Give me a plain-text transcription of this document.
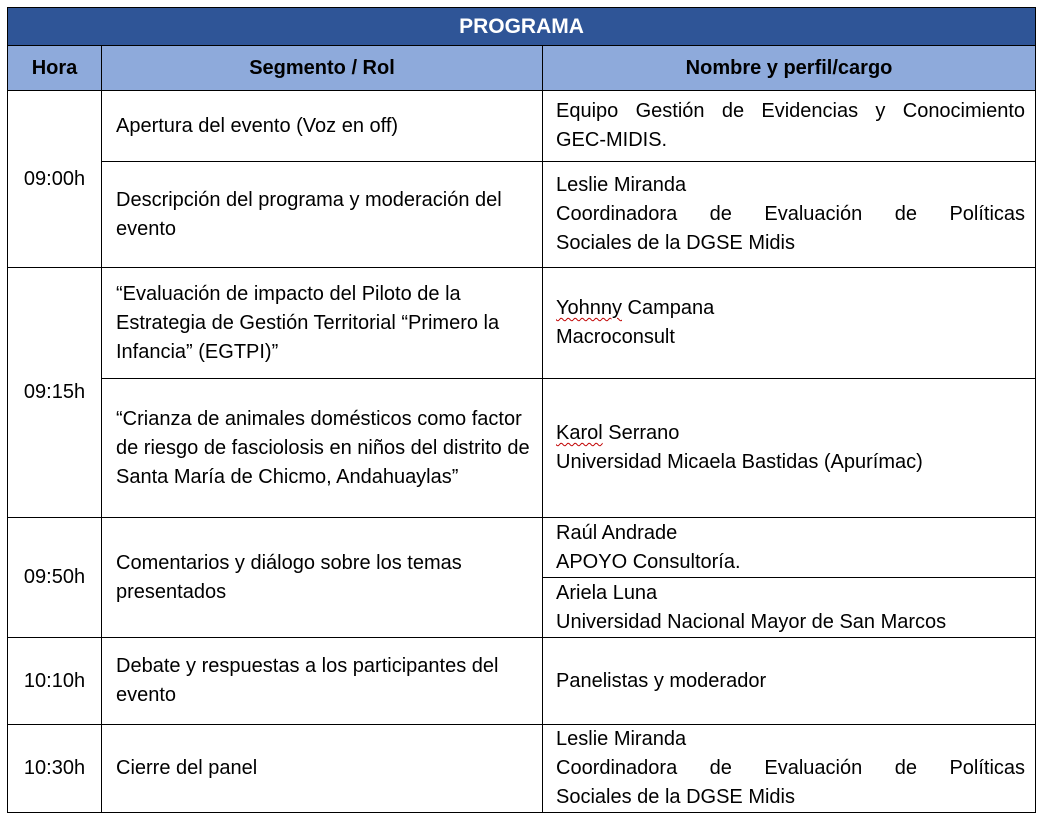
PROGRAMA		
Hora	Segmento / Rol	Nombre y perfil/cargo
09:00h	Apertura del evento (Voz en off)	Equipo Gestión de Evidencias y Conocimiento
GEC-MIDIS.

	Descripción del programa y moderación del evento	Leslie Miranda
Coordinadora de Evaluación de Políticas
Sociales de la DGSE Midis

09:15h	“Evaluación de impacto del Piloto de la Estrategia de Gestión Territorial “Primero la Infancia” (EGTPI)”	Yohnny Campana
Macroconsult

	“Crianza de animales domésticos como factor de riesgo de fasciolosis en niños del distrito de Santa María de Chicmo, Andahuaylas”	Karol Serrano
Universidad Micaela Bastidas (Apurímac)

09:50h	Comentarios y diálogo sobre los temas presentados	Raúl Andrade
APOYO Consultoría.

		Ariela Luna
Universidad Nacional Mayor de San Marcos

10:10h	Debate y respuestas a los participantes del evento	Panelistas y moderador
10:30h	Cierre del panel	Leslie Miranda
Coordinadora de Evaluación de Políticas
Sociales de la DGSE Midis
